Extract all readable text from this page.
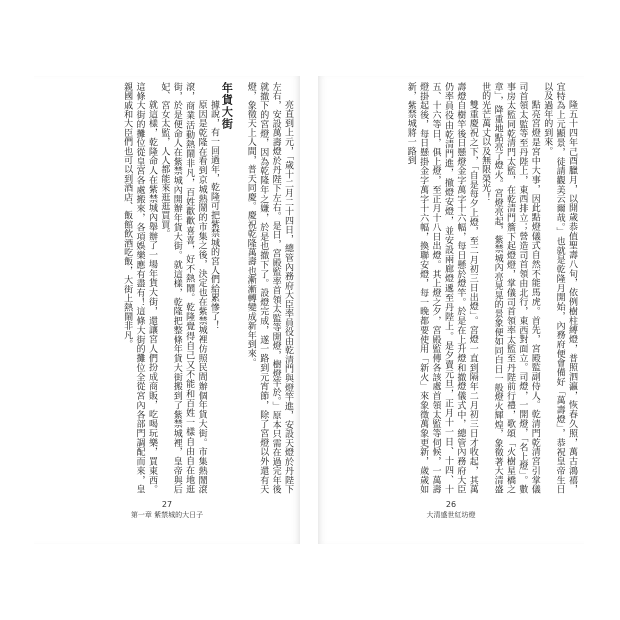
亮直到上元，「歲十二月二十四日，總管內務府大臣率員役由乾清門與燈竿進，安設天燈於丹陛下左右，安設萬壽燈於丹陛下左右。是日，宮殿監率首領太監等開燈，樹燈竿於。」原本只需在過完年後就撤下的宮燈，因為乾隆年之嫌，於是也撤下了。設燈完成，遂一路到元宵節，除了宮燈以外還有天燈，象徵天上人間，普天同慶。慶祝乾隆萬壽也漸漸轉變成新年到來。

年貨大街

據說，有一回過年，乾隆可把紫禁城的宮人們給累慘了！

原因是乾隆在看到京城熱鬧的市集之後，決定也在紫禁城裡仿照民間辦個年貨大街。市集熱鬧滾滾，商業活動熱鬧非凡，百姓歡歡喜喜，好不熱鬧。乾隆覺得自己又不能和百姓一樣自由自在地逛街，於是便命人在紫禁城內開辦年貨大街。就這樣，乾隆把整條年貨大街搬到了紫禁城裡，皇帝與后妃、宮女太監，人人都能來逛逛買買。

就這樣，乾隆命人在紫禁城內舉辦了一場年貨大街，還讓宮人們扮成商販，吃喝玩樂，買東西。這條大街的攤位從皇宮各處搬來，各項娛樂應有盡有！這條大街的攤位全從宮內各部門調配而來，皇親國戚和大臣們也可以到酒店、飯館飲酒吃飯，大街上熱鬧非凡。

27
第一章 紫禁城的大日子

隆五十四年己酉臘月，以開歲恭值聖壽八旬，依例樹柱縛燈，普照泗瀛，恢春久照，萬古鴻禧，宜特為上元顯景，徒請觀美云爾哉。」也就是乾隆月開始，內務府便會備好「萬壽燈」，恭祝皇帝生日以及過年的到來。

點亮宮燈是宮中大事，因此點燈儀式自然不能馬虎。首先，宮殿監副侍人。乾清門乾清宮引掌儀司首領太監等至丹陛上，東西排立；營造司首領由北行，東西對面立。司燈，一開燈，「名上燈」。數事房太監同乾清門太監，在乾清門簷下起燈燈，掌儀司首領率太監至丹陛前行禮，歌頌「火樹星橋之章」，降重地點亮了燈火。宮燈亮起，紫禁城內亮晃晃的景象便如同白日一般燈火輝煌，象徵著大清盛世的光芒萬丈以及無限榮光！

雙重慶祝之下，「自是每夕上燈，至二月初三日出燈」。宮燈一直到隔年二月初三日才收起，其萬壽燈自樹竿後日懸燈金字萬字十六幅，每日懸於燈竿。於是在上升燈和撤燈儀式中，總管內務府大臣仍率員役由乾清門進，撤燈安燈，並安設兩廊燈遞至丹陛上。是夕賣元旦，正月十一日、十四、十五、十六等日，俱上燈，至正月十八日出燈。其上燈之夕，宮殿監傳各該處首領太監等伺候，一萬壽燈掛起後，每日懸掛金字萬字十六幅，換聯安燈，每一晚都要使用「新火」來象徵萬象更新，歲歲如新，紫禁城將一路到

26
大清盛世紅坊燈
